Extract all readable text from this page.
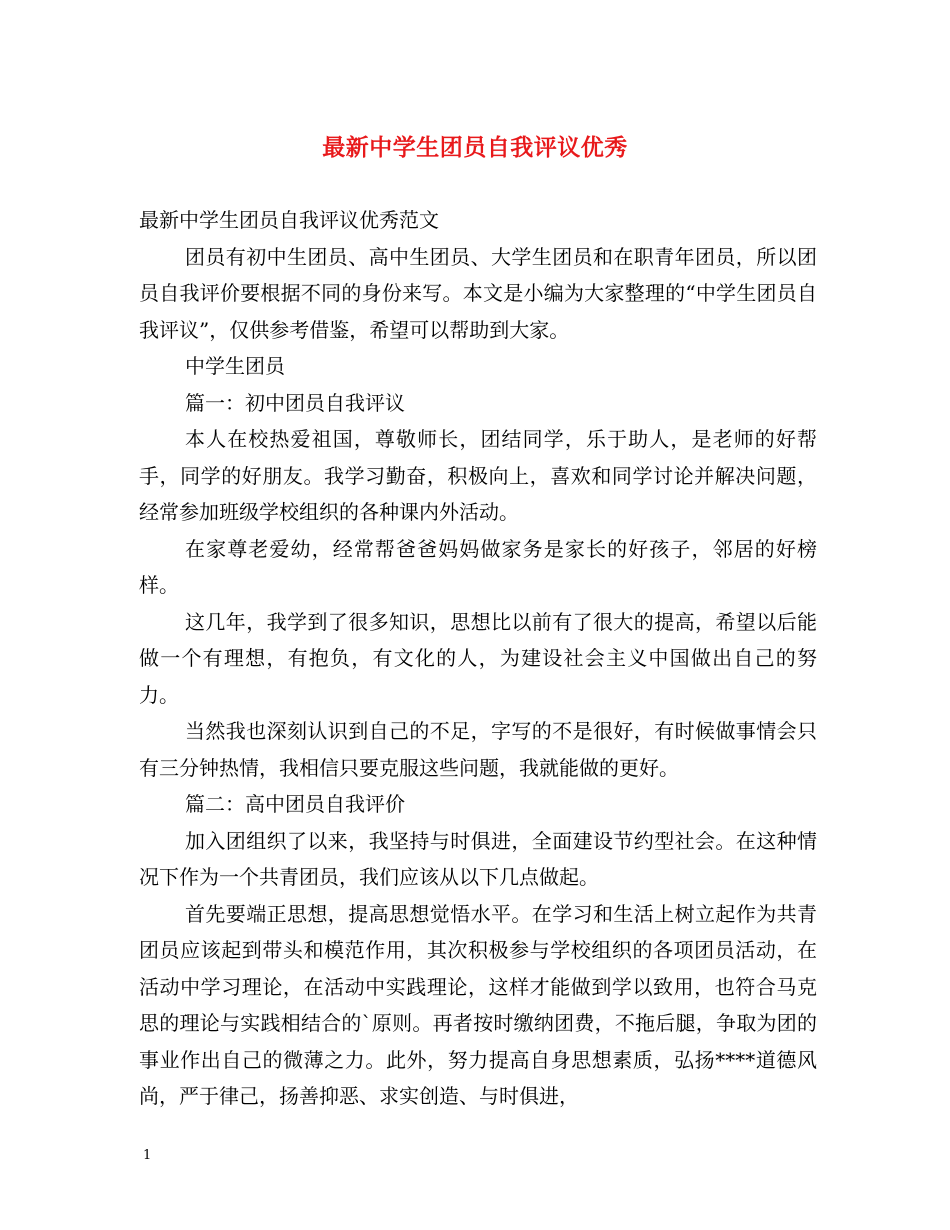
最新中学生团员自我评议优秀

最新中学生团员自我评议优秀范文

团员有初中生团员、高中生团员、大学生团员和在职青年团员，所以团员自我评价要根据不同的身份来写。本文是小编为大家整理的“中学生团员自我评议”，仅供参考借鉴，希望可以帮助到大家。

中学生团员

篇一：初中团员自我评议

本人在校热爱祖国，尊敬师长，团结同学，乐于助人，是老师的好帮手，同学的好朋友。我学习勤奋，积极向上，喜欢和同学讨论并解决问题，经常参加班级学校组织的各种课内外活动。

在家尊老爱幼，经常帮爸爸妈妈做家务是家长的好孩子，邻居的好榜样。

这几年，我学到了很多知识，思想比以前有了很大的提高，希望以后能做一个有理想，有抱负，有文化的人，为建设社会主义中国做出自己的努力。

当然我也深刻认识到自己的不足，字写的不是很好，有时候做事情会只有三分钟热情，我相信只要克服这些问题，我就能做的更好。

篇二：高中团员自我评价

加入团组织了以来，我坚持与时俱进，全面建设节约型社会。在这种情况下作为一个共青团员，我们应该从以下几点做起。

首先要端正思想，提高思想觉悟水平。在学习和生活上树立起作为共青团员应该起到带头和模范作用，其次积极参与学校组织的各项团员活动，在活动中学习理论，在活动中实践理论，这样才能做到学以致用，也符合马克思的理论与实践相结合的`原则。再者按时缴纳团费，不拖后腿，争取为团的事业作出自己的微薄之力。此外，努力提高自身思想素质，弘扬****道德风尚，严于律己，扬善抑恶、求实创造、与时俱进，

1
